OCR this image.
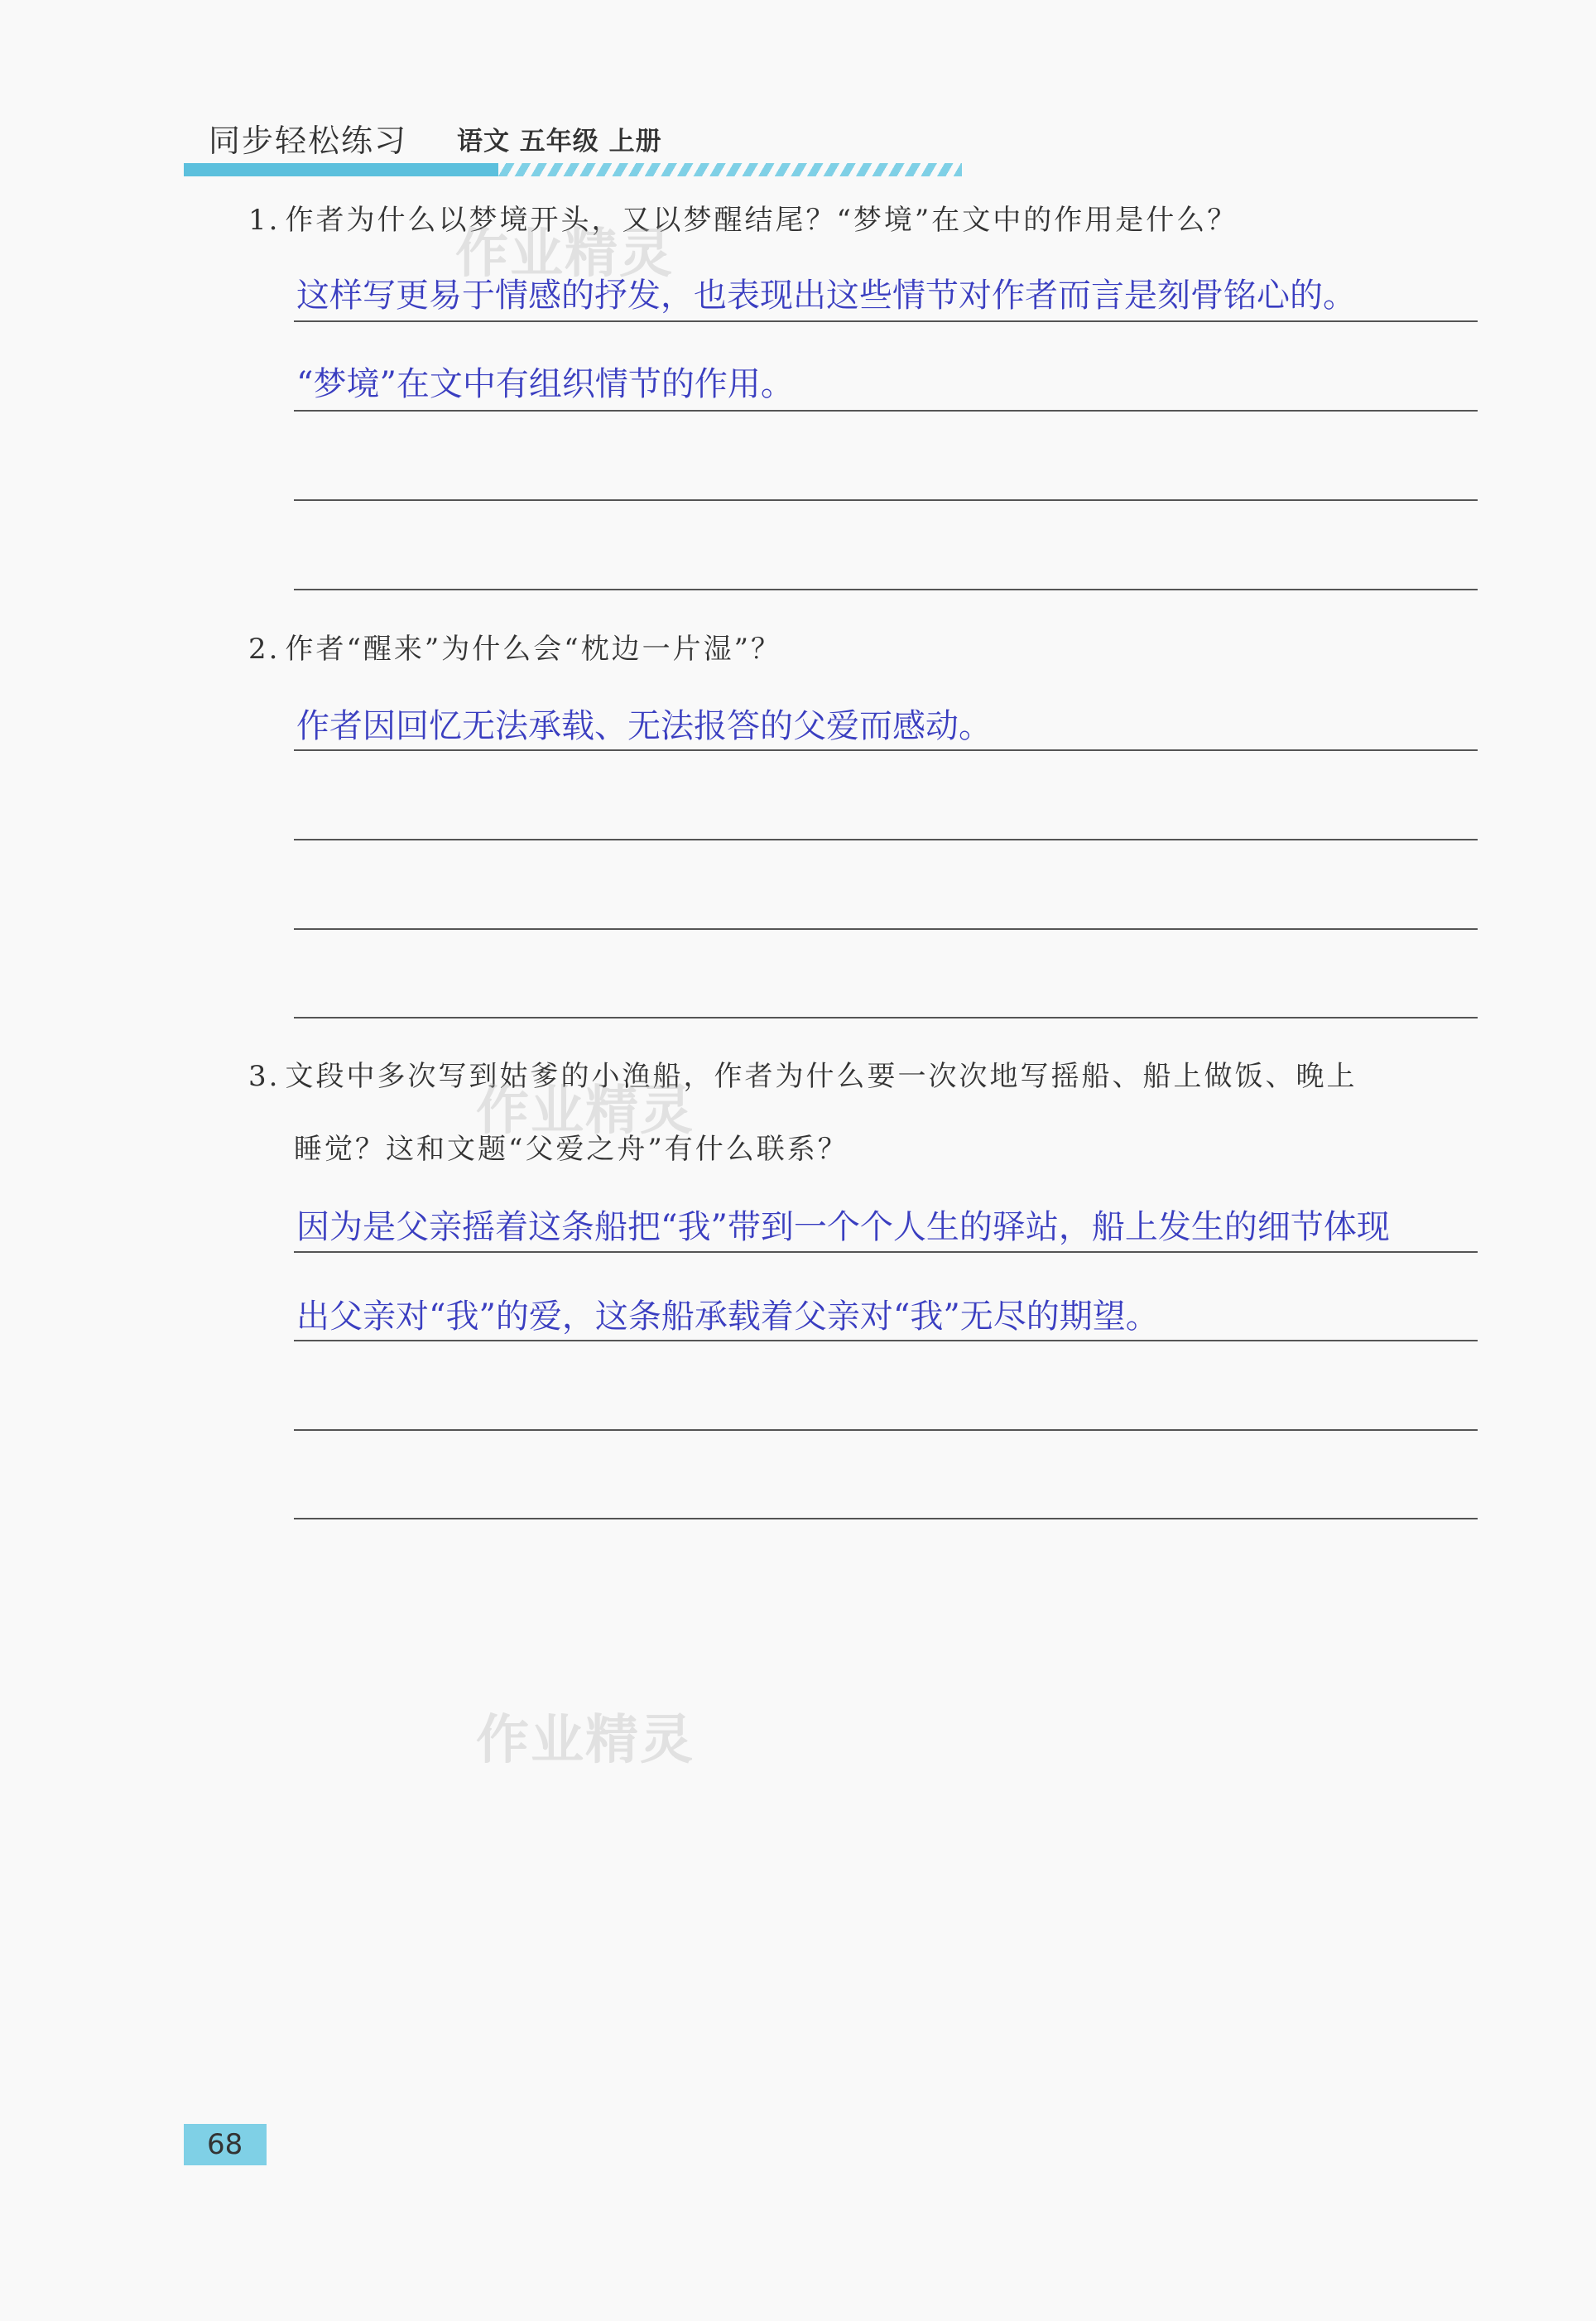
同步轻松练习 语文 五年级 上册
1. 作者为什么以梦境开头，又以梦醒结尾？“梦境”在文中的作用是什么？
这样写更易于情感的抒发，也表现出这些情节对作者而言是刻骨铭心的。
“梦境”在文中有组织情节的作用。
2. 作者“醒来”为什么会“枕边一片湿”？
作者因回忆无法承载、无法报答的父爱而感动。
3. 文段中多次写到姑爹的小渔船，作者为什么要一次次地写摇船、船上做饭、晚上
睡觉？这和文题“父爱之舟”有什么联系？
因为是父亲摇着这条船把“我”带到一个个人生的驿站，船上发生的细节体现
出父亲对“我”的爱，这条船承载着父亲对“我”无尽的期望。
作业精灵
作业精灵
作业精灵
68
